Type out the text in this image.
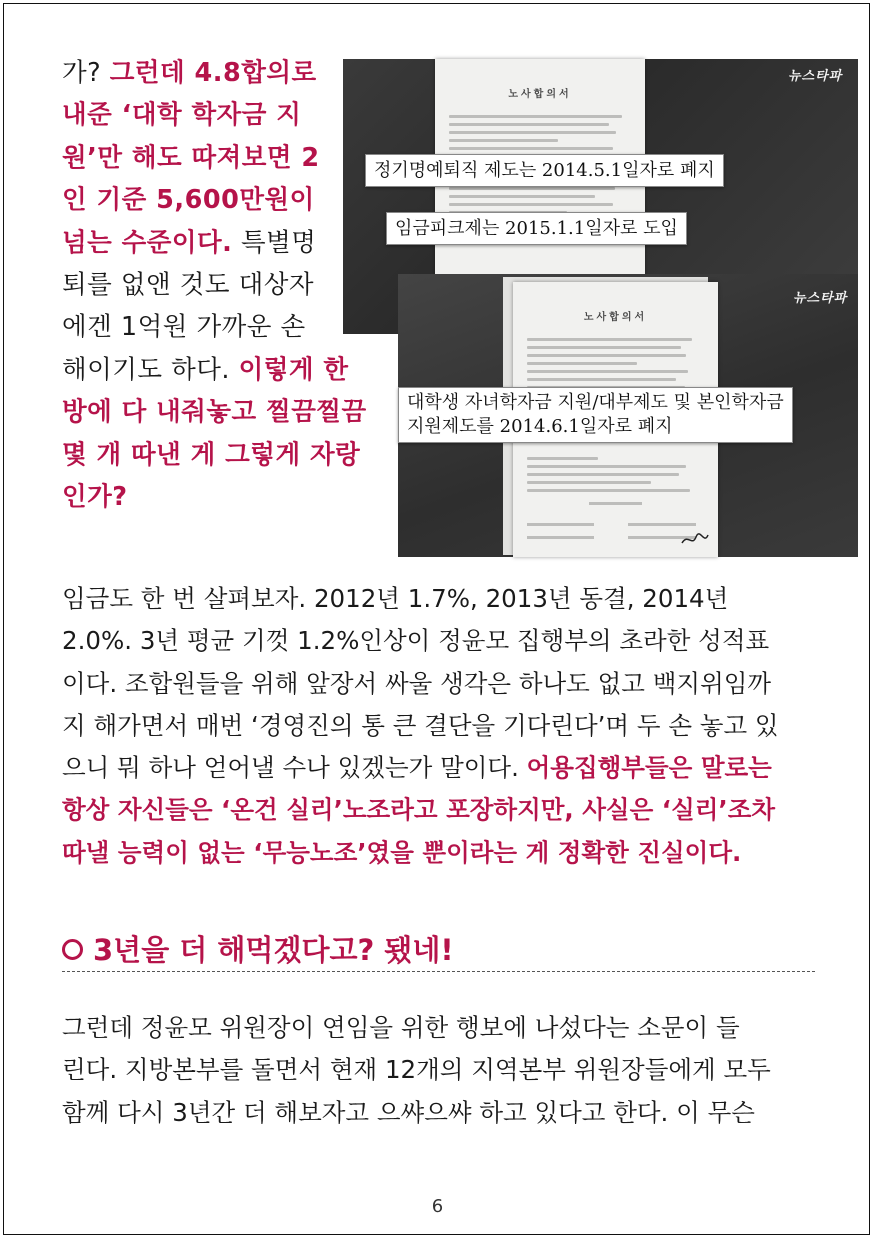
가? 그런데 4.8합의로
내준 ‘대학 학자금 지
원’만 해도 따져보면 2
인 기준 5,600만원이
넘는 수준이다. 특별명
퇴를 없앤 것도 대상자
에겐 1억원 가까운 손
해이기도 하다. 이렇게 한
방에 다 내줘놓고 찔끔찔끔
몇 개 따낸 게 그렇게 자랑
인가?
노사합의서
뉴스타파
노사합의서

뉴스타파
정기명예퇴직 제도는 2014.5.1일자로 폐지
임금피크제는 2015.1.1일자로 도입
대학생 자녀학자금 지원/대부제도 및 본인학자금
지원제도를 2014.6.1일자로 폐지
임금도 한 번 살펴보자. 2012년 1.7%, 2013년 동결, 2014년
2.0%. 3년 평균 기껏 1.2%인상이 정윤모 집행부의 초라한 성적표
이다. 조합원들을 위해 앞장서 싸울 생각은 하나도 없고 백지위임까
지 해가면서 매번 ‘경영진의 통 큰 결단을 기다린다’며 두 손 놓고 있
으니 뭐 하나 얻어낼 수나 있겠는가 말이다. 어용집행부들은 말로는
항상 자신들은 ‘온건 실리’노조라고 포장하지만, 사실은 ‘실리’조차
따낼 능력이 없는 ‘무능노조’였을 뿐이라는 게 정확한 진실이다.
3년을 더 해먹겠다고? 됐네!
그런데 정윤모 위원장이 연임을 위한 행보에 나섰다는 소문이 들
린다. 지방본부를 돌면서 현재 12개의 지역본부 위원장들에게 모두
함께 다시 3년간 더 해보자고 으쌰으쌰 하고 있다고 한다. 이 무슨
6
